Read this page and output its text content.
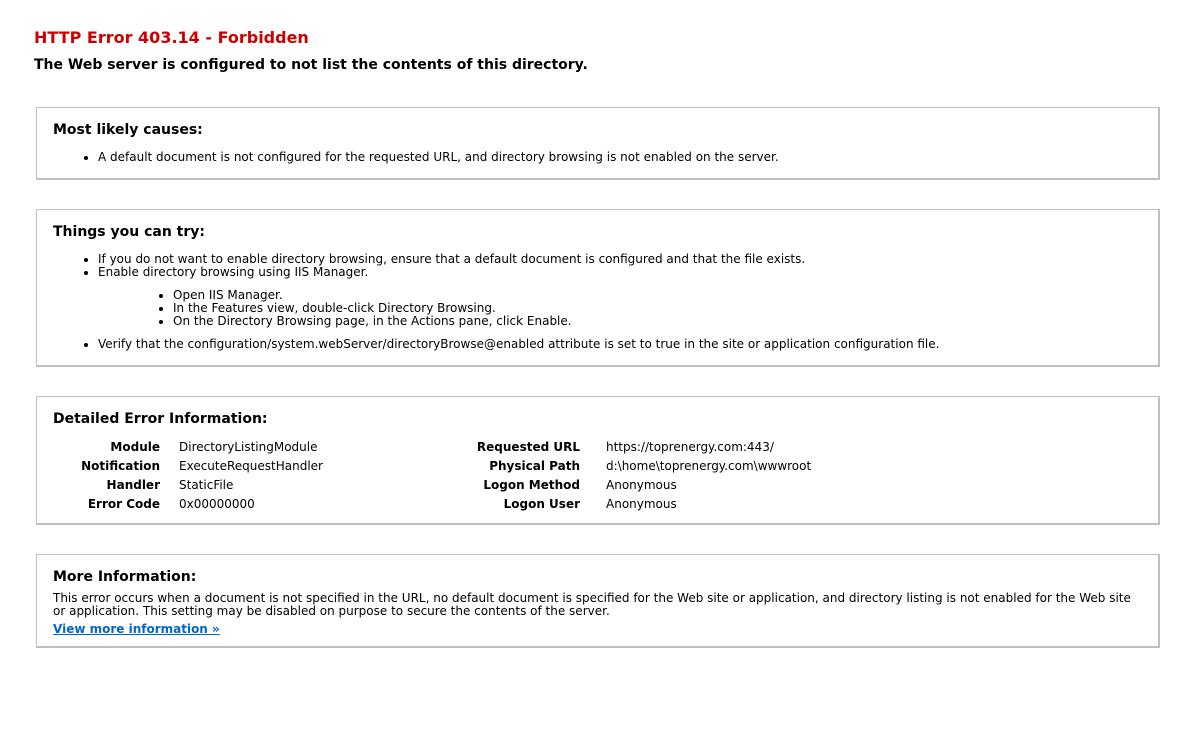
HTTP Error 403.14 - Forbidden
The Web server is configured to not list the contents of this directory.
Most likely causes:
• A default document is not configured for the requested URL, and directory browsing is not enabled on the server.
Things you can try:
• If you do not want to enable directory browsing, ensure that a default document is configured and that the file exists.
• Enable directory browsing using IIS Manager.
• Open IIS Manager.
• In the Features view, double-click Directory Browsing.
• On the Directory Browsing page, in the Actions pane, click Enable.
• Verify that the configuration/system.webServer/directoryBrowse@enabled attribute is set to true in the site or application configuration file.
Detailed Error Information:
Module DirectoryListingModule
Notification ExecuteRequestHandler
Handler StaticFile
Error Code 0x00000000
Requested URL https://toprenergy.com:443/
Physical Path d:\home\toprenergy.com\wwwroot
Logon Method Anonymous
Logon User Anonymous
More Information:

This error occurs when a document is not specified in the URL, no default document is specified for the Web site or application, and directory listing is not enabled for the Web site or application. This setting may be disabled on purpose to secure the contents of the server.

View more information »
